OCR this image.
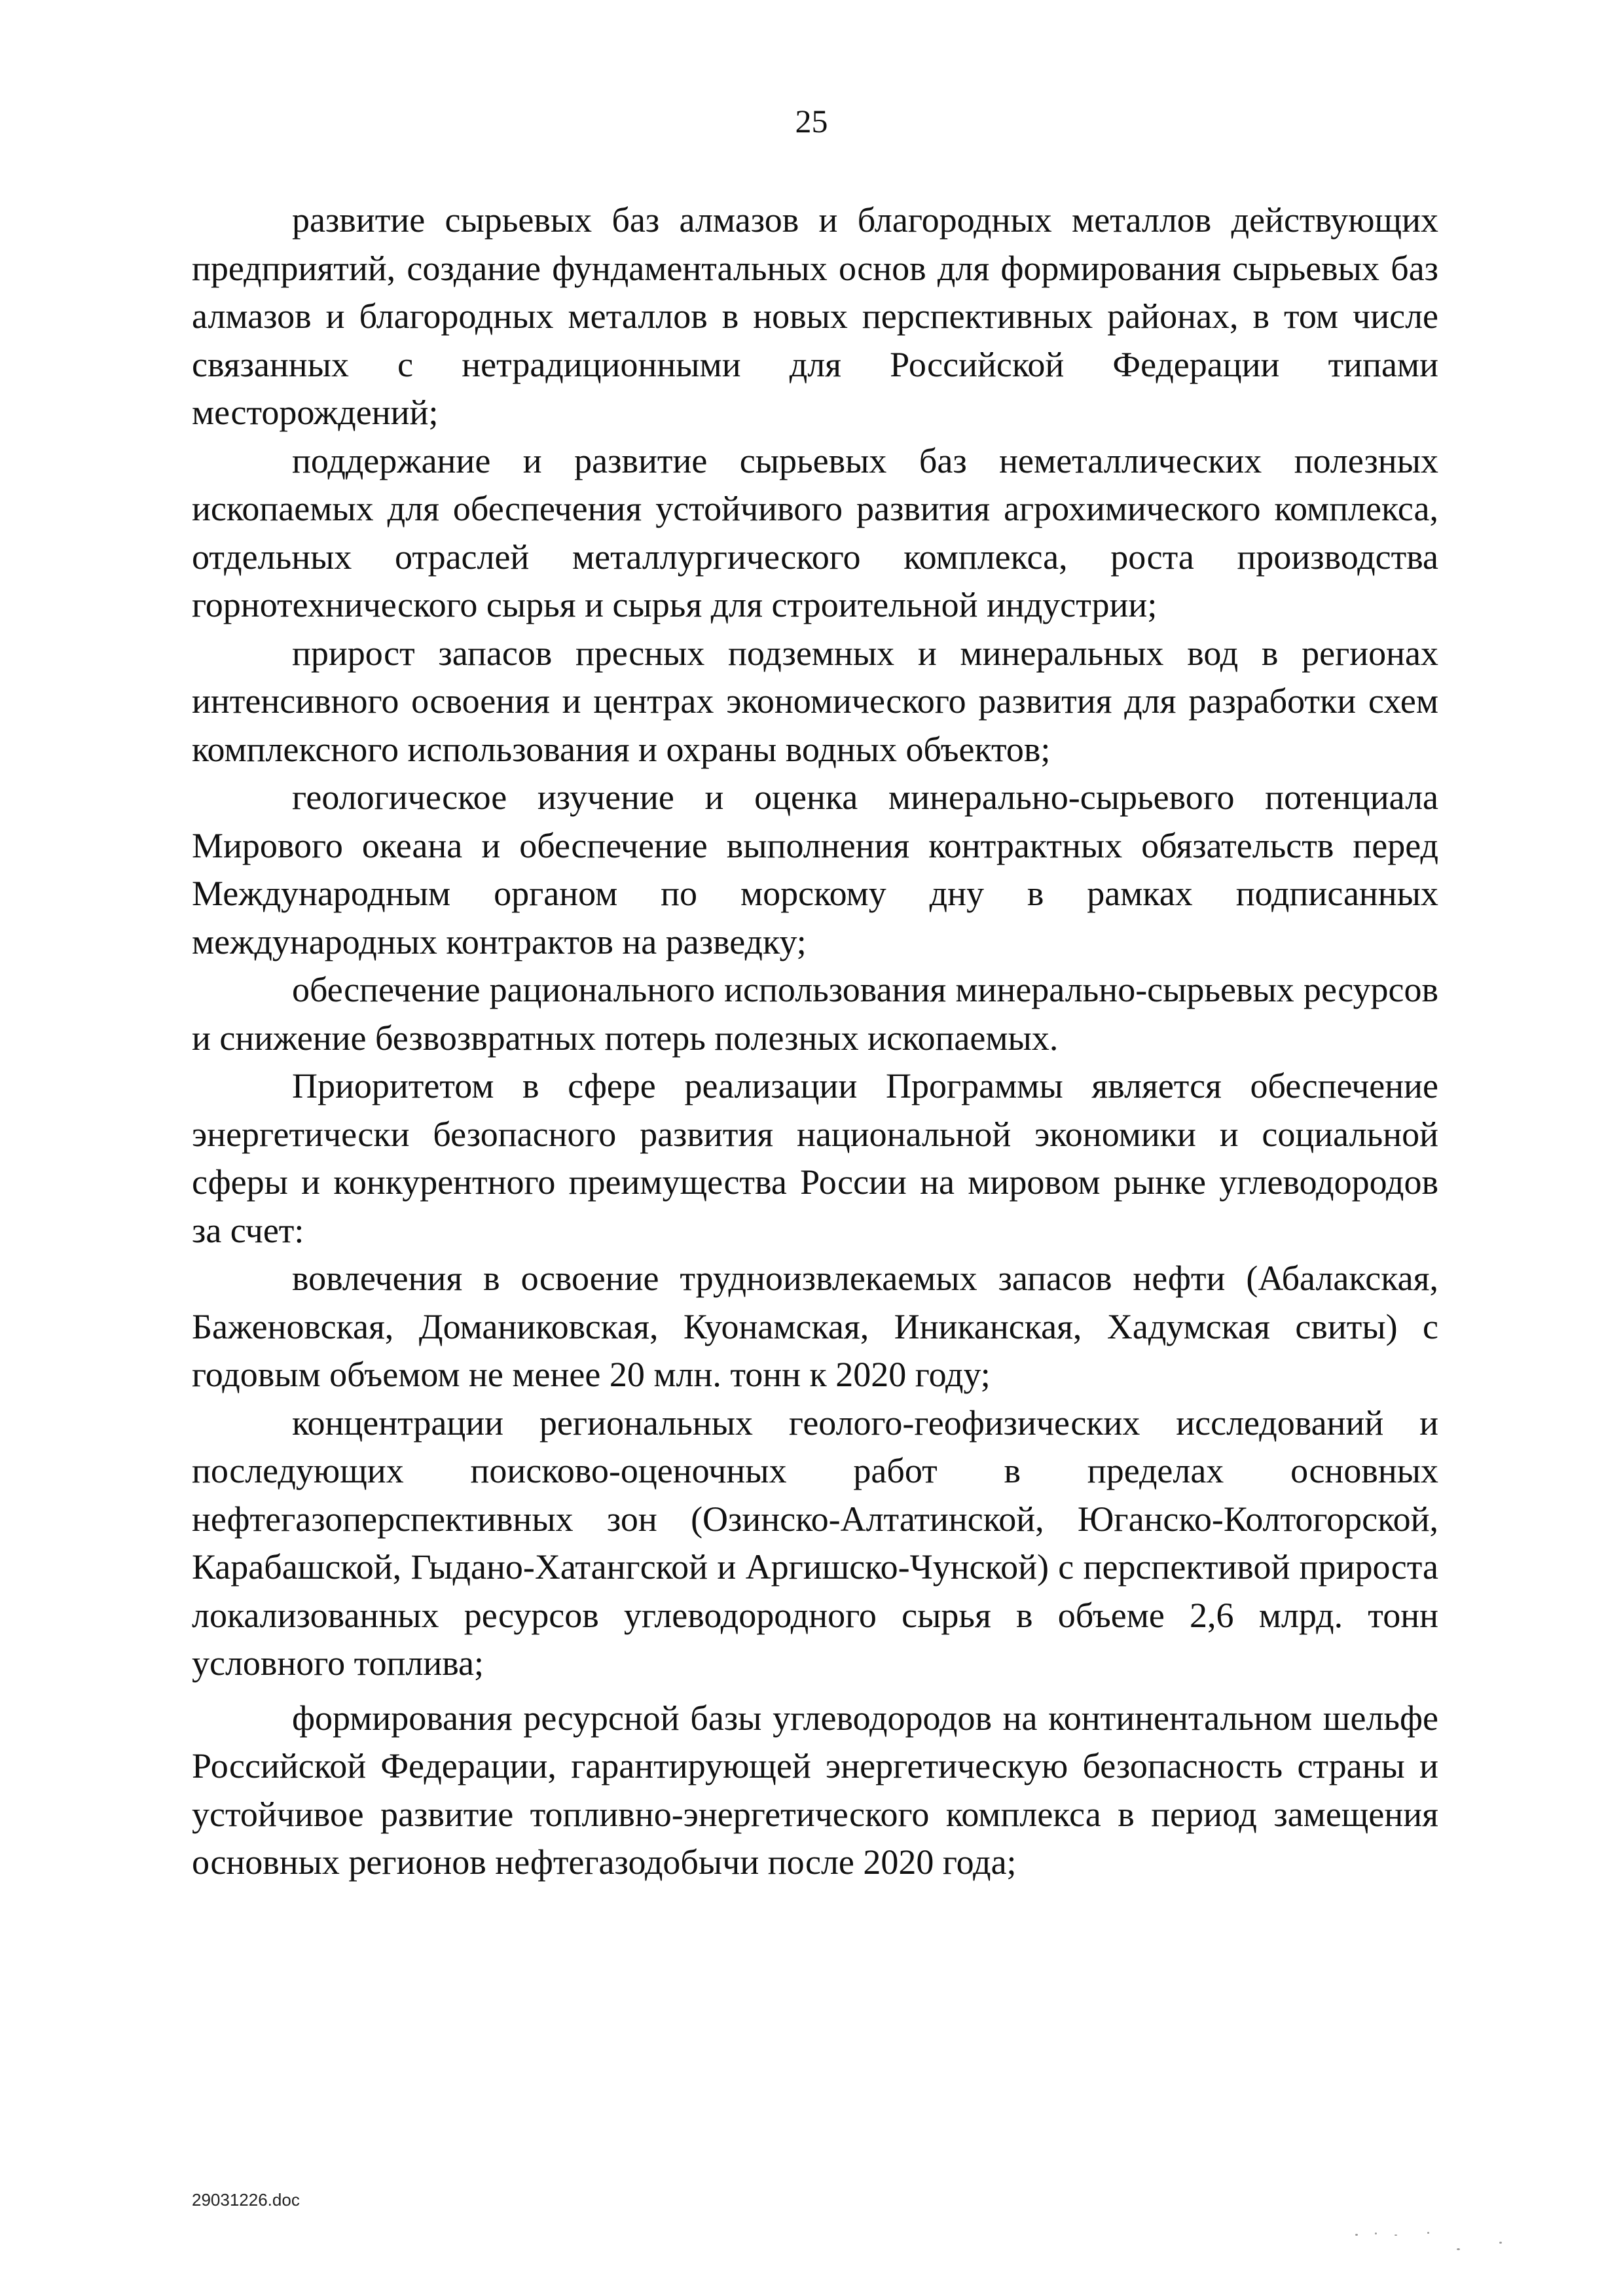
25

развитие сырьевых баз алмазов и благородных металлов действующих предприятий, создание фундаментальных основ для формирования сырьевых баз алмазов и благородных металлов в новых перспективных районах, в том числе связанных с нетрадиционными для Российской Федерации типами месторождений;

поддержание и развитие сырьевых баз неметаллических полезных ископаемых для обеспечения устойчивого развития агрохимического комплекса, отдельных отраслей металлургического комплекса, роста производства горнотехнического сырья и сырья для строительной индустрии;

прирост запасов пресных подземных и минеральных вод в регионах интенсивного освоения и центрах экономического развития для разработки схем комплексного использования и охраны водных объектов;

геологическое изучение и оценка минерально-сырьевого потенциала Мирового океана и обеспечение выполнения контрактных обязательств перед Международным органом по морскому дну в рамках подписанных международных контрактов на разведку;

обеспечение рационального использования минерально-сырьевых ресурсов и снижение безвозвратных потерь полезных ископаемых.

Приоритетом в сфере реализации Программы является обеспечение энергетически безопасного развития национальной экономики и социальной сферы и конкурентного преимущества России на мировом рынке углеводородов за счет:

вовлечения в освоение трудноизвлекаемых запасов нефти (Абалакская, Баженовская, Доманиковская, Куонамская, Иниканская, Хадумская свиты) с годовым объемом не менее 20 млн. тонн к 2020 году;

концентрации региональных геолого-геофизических исследований и последующих поисково-оценочных работ в пределах основных нефтегазоперспективных зон (Озинско-Алтатинской, Юганско-Колтогорской, Карабашской, Гыдано-Хатангской и Аргишско-Чунской) с перспективой прироста локализованных ресурсов углеводородного сырья в объеме 2,6 млрд. тонн условного топлива;

формирования ресурсной базы углеводородов на континентальном шельфе Российской Федерации, гарантирующей энергетическую безопасность страны и устойчивое развитие топливно-энергетического комплекса в период замещения основных регионов нефтегазодобычи после 2020 года;

29031226.doc
